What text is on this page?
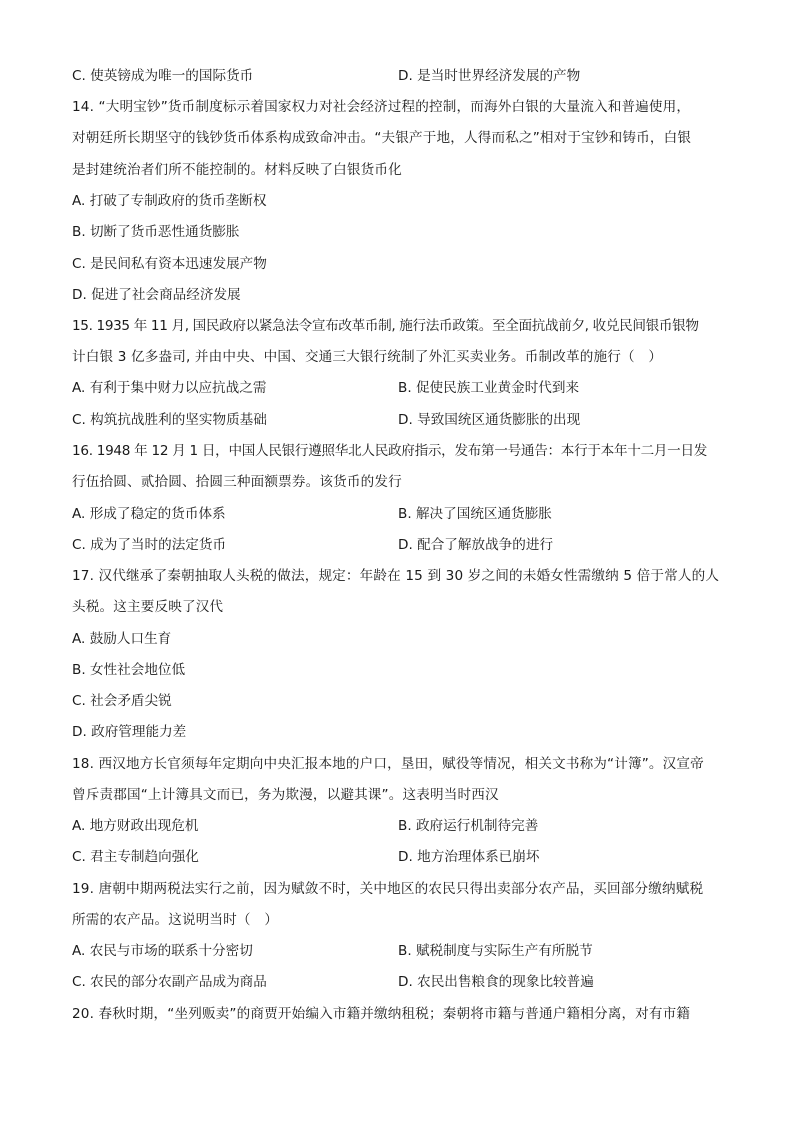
C. 使英镑成为唯一的国际货币	D. 是当时世界经济发展的产物
14. “大明宝钞”货币制度标示着国家权力对社会经济过程的控制，而海外白银的大量流入和普遍使用，
对朝廷所长期坚守的钱钞货币体系构成致命冲击。“夫银产于地，人得而私之”相对于宝钞和铸币，白银
是封建统治者们所不能控制的。材料反映了白银货币化
A. 打破了专制政府的货币垄断权
B. 切断了货币恶性通货膨胀
C. 是民间私有资本迅速发展产物
D. 促进了社会商品经济发展
15. 1935 年 11 月, 国民政府以紧急法令宣布改革币制, 施行法币政策。至全面抗战前夕, 收兑民间银币银物
计白银 3 亿多盎司, 并由中央、中国、交通三大银行统制了外汇买卖业务。币制改革的施行（　）
A. 有利于集中财力以应抗战之需	B. 促使民族工业黄金时代到来
C. 构筑抗战胜利的坚实物质基础	D. 导致国统区通货膨胀的出现
16. 1948 年 12 月 1 日，中国人民银行遵照华北人民政府指示，发布第一号通告：本行于本年十二月一日发
行伍拾圆、贰拾圆、拾圆三种面额票券。该货币的发行
A. 形成了稳定的货币体系	B. 解决了国统区通货膨胀
C. 成为了当时的法定货币	D. 配合了解放战争的进行
17. 汉代继承了秦朝抽取人头税的做法，规定：年龄在 15 到 30 岁之间的未婚女性需缴纳 5 倍于常人的人
头税。这主要反映了汉代
A. 鼓励人口生育
B. 女性社会地位低
C. 社会矛盾尖锐
D. 政府管理能力差
18. 西汉地方长官须每年定期向中央汇报本地的户口，垦田，赋役等情况，相关文书称为“计簿”。汉宣帝
曾斥责郡国“上计簿具文而已，务为欺漫，以避其课”。这表明当时西汉
A. 地方财政出现危机	B. 政府运行机制待完善
C. 君主专制趋向强化	D. 地方治理体系已崩坏
19. 唐朝中期两税法实行之前，因为赋敛不时，关中地区的农民只得出卖部分农产品，买回部分缴纳赋税
所需的农产品。这说明当时（　）
A. 农民与市场的联系十分密切	B. 赋税制度与实际生产有所脱节
C. 农民的部分农副产品成为商品	D. 农民出售粮食的现象比较普遍
20. 春秋时期，“坐列贩卖”的商贾开始编入市籍并缴纳租税；秦朝将市籍与普通户籍相分离，对有市籍
